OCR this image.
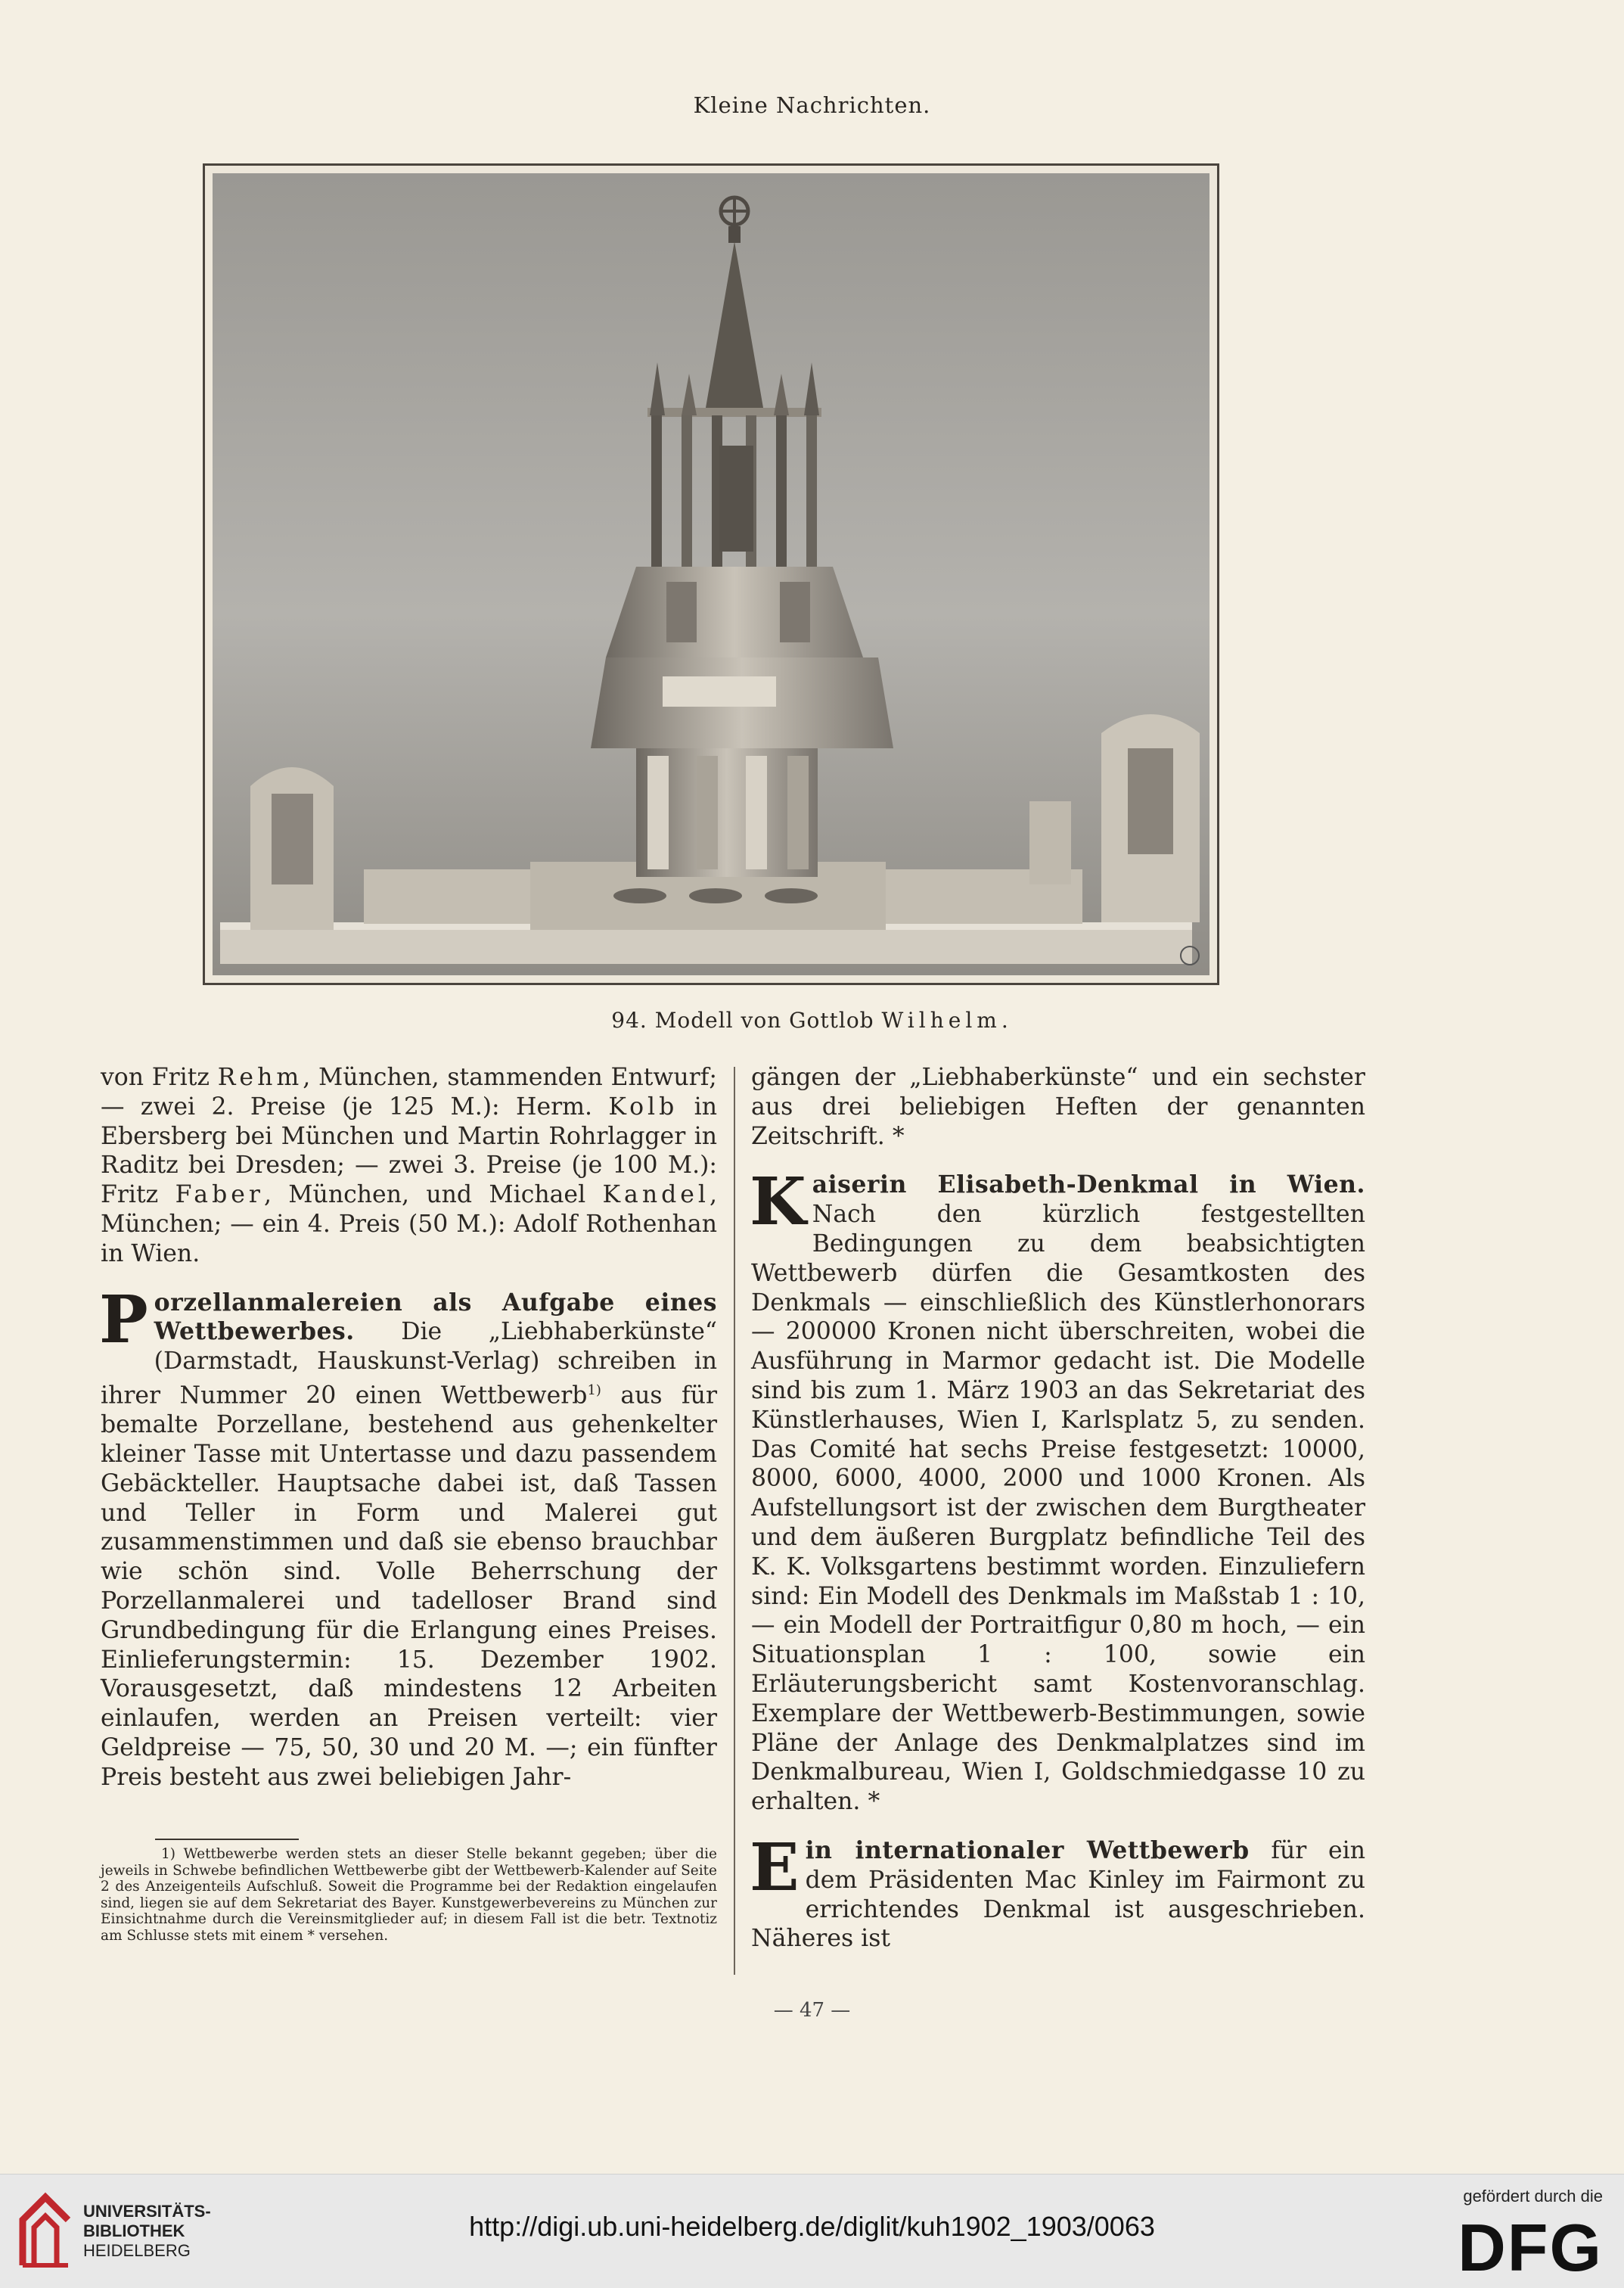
Kleine Nachrichten.
94. Modell von Gottlob Wilhelm.

von Fritz Rehm, München, stammenden Entwurf; — zwei 2. Preise (je 125 M.): Herm. Kolb in Ebersberg bei München und Martin Rohrlagger in Raditz bei Dresden; — zwei 3. Preise (je 100 M.): Fritz Faber, München, und Michael Kandel, München; — ein 4. Preis (50 M.): Adolf Rothenhan in Wien.

P orzellanmalereien als Aufgabe eines Wettbewerbes. Die „Liebhaberkünste“ (Darmstadt, Hauskunst-Verlag) schreiben in ihrer Nummer 20 einen Wettbewerb$^{1)}$ aus für bemalte Porzellane, bestehend aus gehenkelter kleiner Tasse mit Untertasse und dazu passendem Gebäckteller. Hauptsache dabei ist, daß Tassen und Teller in Form und Malerei gut zusammenstimmen und daß sie ebenso brauchbar wie schön sind. Volle Beherrschung der Porzellanmalerei und tadelloser Brand sind Grundbedingung für die Erlangung eines Preises. Einlieferungstermin: 15. Dezember 1902. Vorausgesetzt, daß mindestens 12 Arbeiten einlaufen, werden an Preisen verteilt: vier Geldpreise — 75, 50, 30 und 20 M. —; ein fünfter Preis besteht aus zwei beliebigen Jahr-

gängen der „Liebhaberkünste“ und ein sechster aus drei beliebigen Heften der genannten Zeitschrift. *

K aiserin Elisabeth-Denkmal in Wien. Nach den kürzlich festgestellten Bedingungen zu dem beabsichtigten Wettbewerb dürfen die Gesamtkosten des Denkmals — einschließlich des Künstlerhonorars — 200000 Kronen nicht überschreiten, wobei die Ausführung in Marmor gedacht ist. Die Modelle sind bis zum 1. März 1903 an das Sekretariat des Künstlerhauses, Wien I, Karlsplatz 5, zu senden. Das Comité hat sechs Preise festgesetzt: 10000, 8000, 6000, 4000, 2000 und 1000 Kronen. Als Aufstellungsort ist der zwischen dem Burgtheater und dem äußeren Burgplatz befindliche Teil des K. K. Volksgartens bestimmt worden. Einzuliefern sind: Ein Modell des Denkmals im Maßstab 1 : 10, — ein Modell der Portraitfigur 0,80 m hoch, — ein Situationsplan 1 : 100, sowie ein Erläuterungsbericht samt Kostenvoranschlag. Exemplare der Wettbewerb-Bestimmungen, sowie Pläne der Anlage des Denkmalplatzes sind im Denkmalbureau, Wien I, Goldschmiedgasse 10 zu erhalten. *

E in internationaler Wettbewerb für ein dem Präsidenten Mac Kinley im Fairmont zu errichtendes Denkmal ist ausgeschrieben. Näheres ist

1) Wettbewerbe werden stets an dieser Stelle bekannt gegeben; über die jeweils in Schwebe befindlichen Wettbewerbe gibt der Wettbewerb-Kalender auf Seite 2 des Anzeigenteils Aufschluß. Soweit die Programme bei der Redaktion eingelaufen sind, liegen sie auf dem Sekretariat des Bayer. Kunstgewerbevereins zu München zur Einsichtnahme durch die Vereinsmitglieder auf; in diesem Fall ist die betr. Textnotiz am Schlusse stets mit einem * versehen.

— 47 —
UNIVERSITÄTS-
BIBLIOTHEK
HEIDELBERG
http://digi.ub.uni-heidelberg.de/diglit/kuh1902_1903/0063
gefördert durch die
DFG
